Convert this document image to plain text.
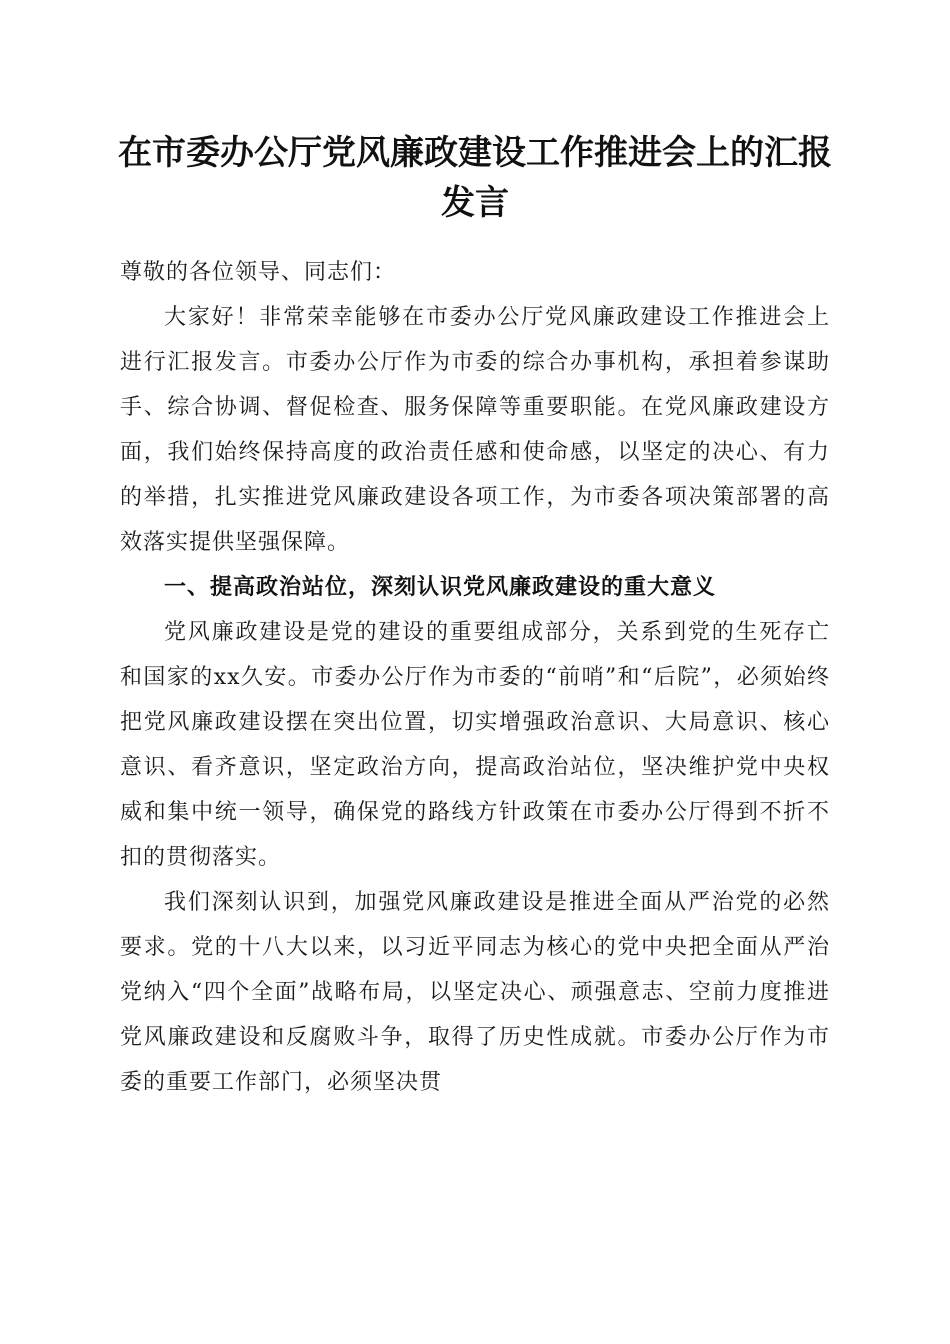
在市委办公厅党风廉政建设工作推进会上的汇报发言

尊敬的各位领导、同志们：

大家好！非常荣幸能够在市委办公厅党风廉政建设工作推进会上进行汇报发言。市委办公厅作为市委的综合办事机构，承担着参谋助手、综合协调、督促检查、服务保障等重要职能。在党风廉政建设方面，我们始终保持高度的政治责任感和使命感，以坚定的决心、有力的举措，扎实推进党风廉政建设各项工作，为市委各项决策部署的高效落实提供坚强保障。

一、提高政治站位，深刻认识党风廉政建设的重大意义

党风廉政建设是党的建设的重要组成部分，关系到党的生死存亡和国家的xx久安。市委办公厅作为市委的“前哨”和“后院”，必须始终把党风廉政建设摆在突出位置，切实增强政治意识、大局意识、核心意识、看齐意识，坚定政治方向，提高政治站位，坚决维护党中央权威和集中统一领导，确保党的路线方针政策在市委办公厅得到不折不扣的贯彻落实。

我们深刻认识到，加强党风廉政建设是推进全面从严治党的必然要求。党的十八大以来，以习近平同志为核心的党中央把全面从严治党纳入“四个全面”战略布局，以坚定决心、顽强意志、空前力度推进党风廉政建设和反腐败斗争，取得了历史性成就。市委办公厅作为市委的重要工作部门，必须坚决贯
